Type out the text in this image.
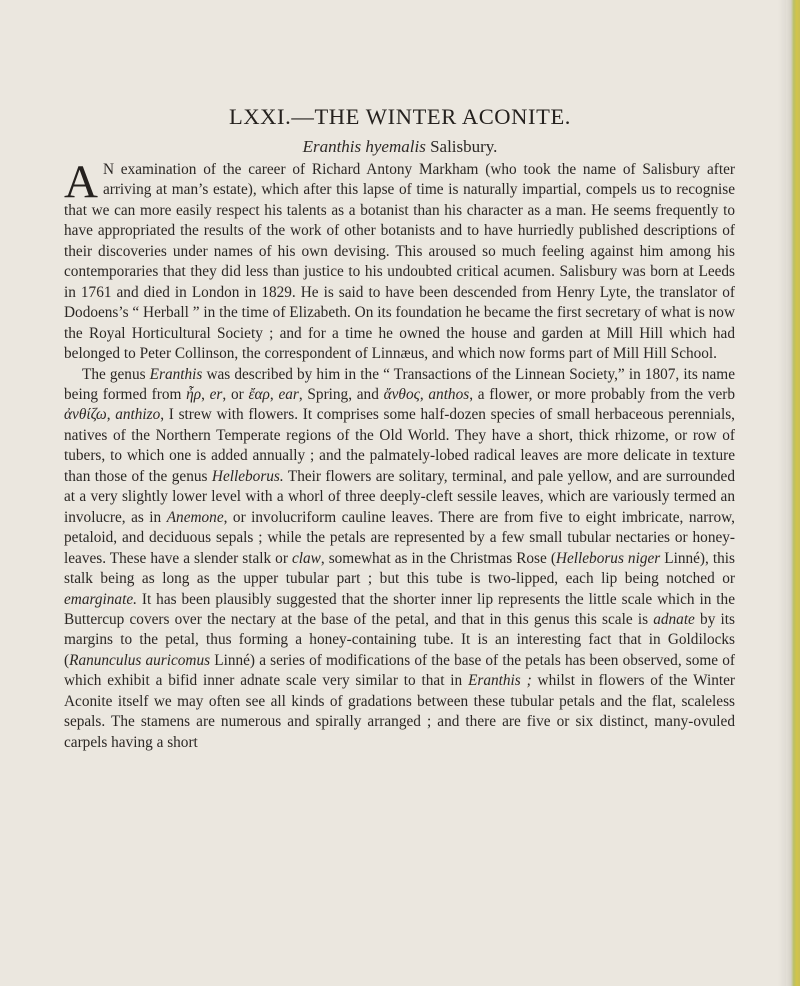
LXXI.—THE WINTER ACONITE.
Eranthis hyemalis Salisbury.

A N examination of the career of Richard Antony Markham (who took the name of Salisbury after arriving at man’s estate), which after this lapse of time is naturally impartial, compels us to recognise that we can more easily respect his talents as a botanist than his character as a man. He seems frequently to have appropriated the results of the work of other botanists and to have hurriedly published descriptions of their discoveries under names of his own devising. This aroused so much feeling against him among his contemporaries that they did less than justice to his undoubted critical acumen. Salisbury was born at Leeds in 1761 and died in London in 1829. He is said to have been descended from Henry Lyte, the translator of Dodoens’s “ Herball ” in the time of Elizabeth. On its foundation he became the first secretary of what is now the Royal Horticultural Society ; and for a time he owned the house and garden at Mill Hill which had belonged to Peter Collinson, the correspondent of Linnæus, and which now forms part of Mill Hill School.

The genus Eranthis was described by him in the “ Transactions of the Linnean Society,” in 1807, its name being formed from ἦρ, er, or ἔαρ, ear, Spring, and ἄνθος, anthos, a flower, or more probably from the verb ἀνθίζω, anthizo, I strew with flowers. It comprises some half-dozen species of small herbaceous perennials, natives of the Northern Temperate regions of the Old World. They have a short, thick rhizome, or row of tubers, to which one is added annually ; and the palmately-lobed radical leaves are more delicate in texture than those of the genus Helleborus. Their flowers are solitary, terminal, and pale yellow, and are surrounded at a very slightly lower level with a whorl of three deeply-cleft sessile leaves, which are variously termed an involucre, as in Anemone, or involucriform cauline leaves. There are from five to eight imbricate, narrow, petaloid, and deciduous sepals ; while the petals are represented by a few small tubular nectaries or honey-leaves. These have a slender stalk or claw, somewhat as in the Christmas Rose (Helleborus niger Linné), this stalk being as long as the upper tubular part ; but this tube is two-lipped, each lip being notched or emarginate. It has been plausibly suggested that the shorter inner lip represents the little scale which in the Buttercup covers over the nectary at the base of the petal, and that in this genus this scale is adnate by its margins to the petal, thus forming a honey-containing tube. It is an interesting fact that in Goldilocks (Ranunculus auricomus Linné) a series of modifications of the base of the petals has been observed, some of which exhibit a bifid inner adnate scale very similar to that in Eranthis ; whilst in flowers of the Winter Aconite itself we may often see all kinds of gradations between these tubular petals and the flat, scaleless sepals. The stamens are numerous and spirally arranged ; and there are five or six distinct, many-ovuled carpels having a short
